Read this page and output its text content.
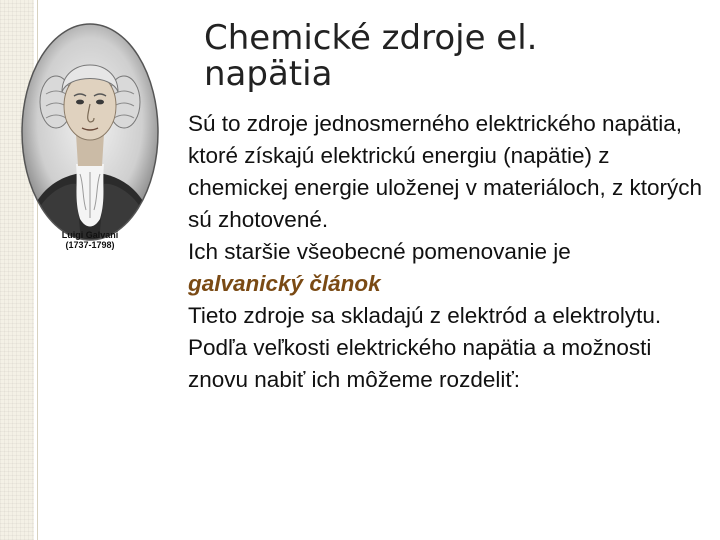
Luigi Galvani
(1737-1798)
Chemické zdroje el. napätia
Sú to zdroje jednosmerného elektrického napätia, ktoré získajú elektrickú energiu (napätie) z chemickej energie uloženej v materiáloch, z ktorých sú zhotovené.
Ich staršie všeobecné pomenovanie je
galvanický článok
Tieto zdroje sa skladajú z elektród a elektrolytu.
Podľa veľkosti elektrického napätia a možnosti znovu nabiť ich môžeme rozdeliť:
